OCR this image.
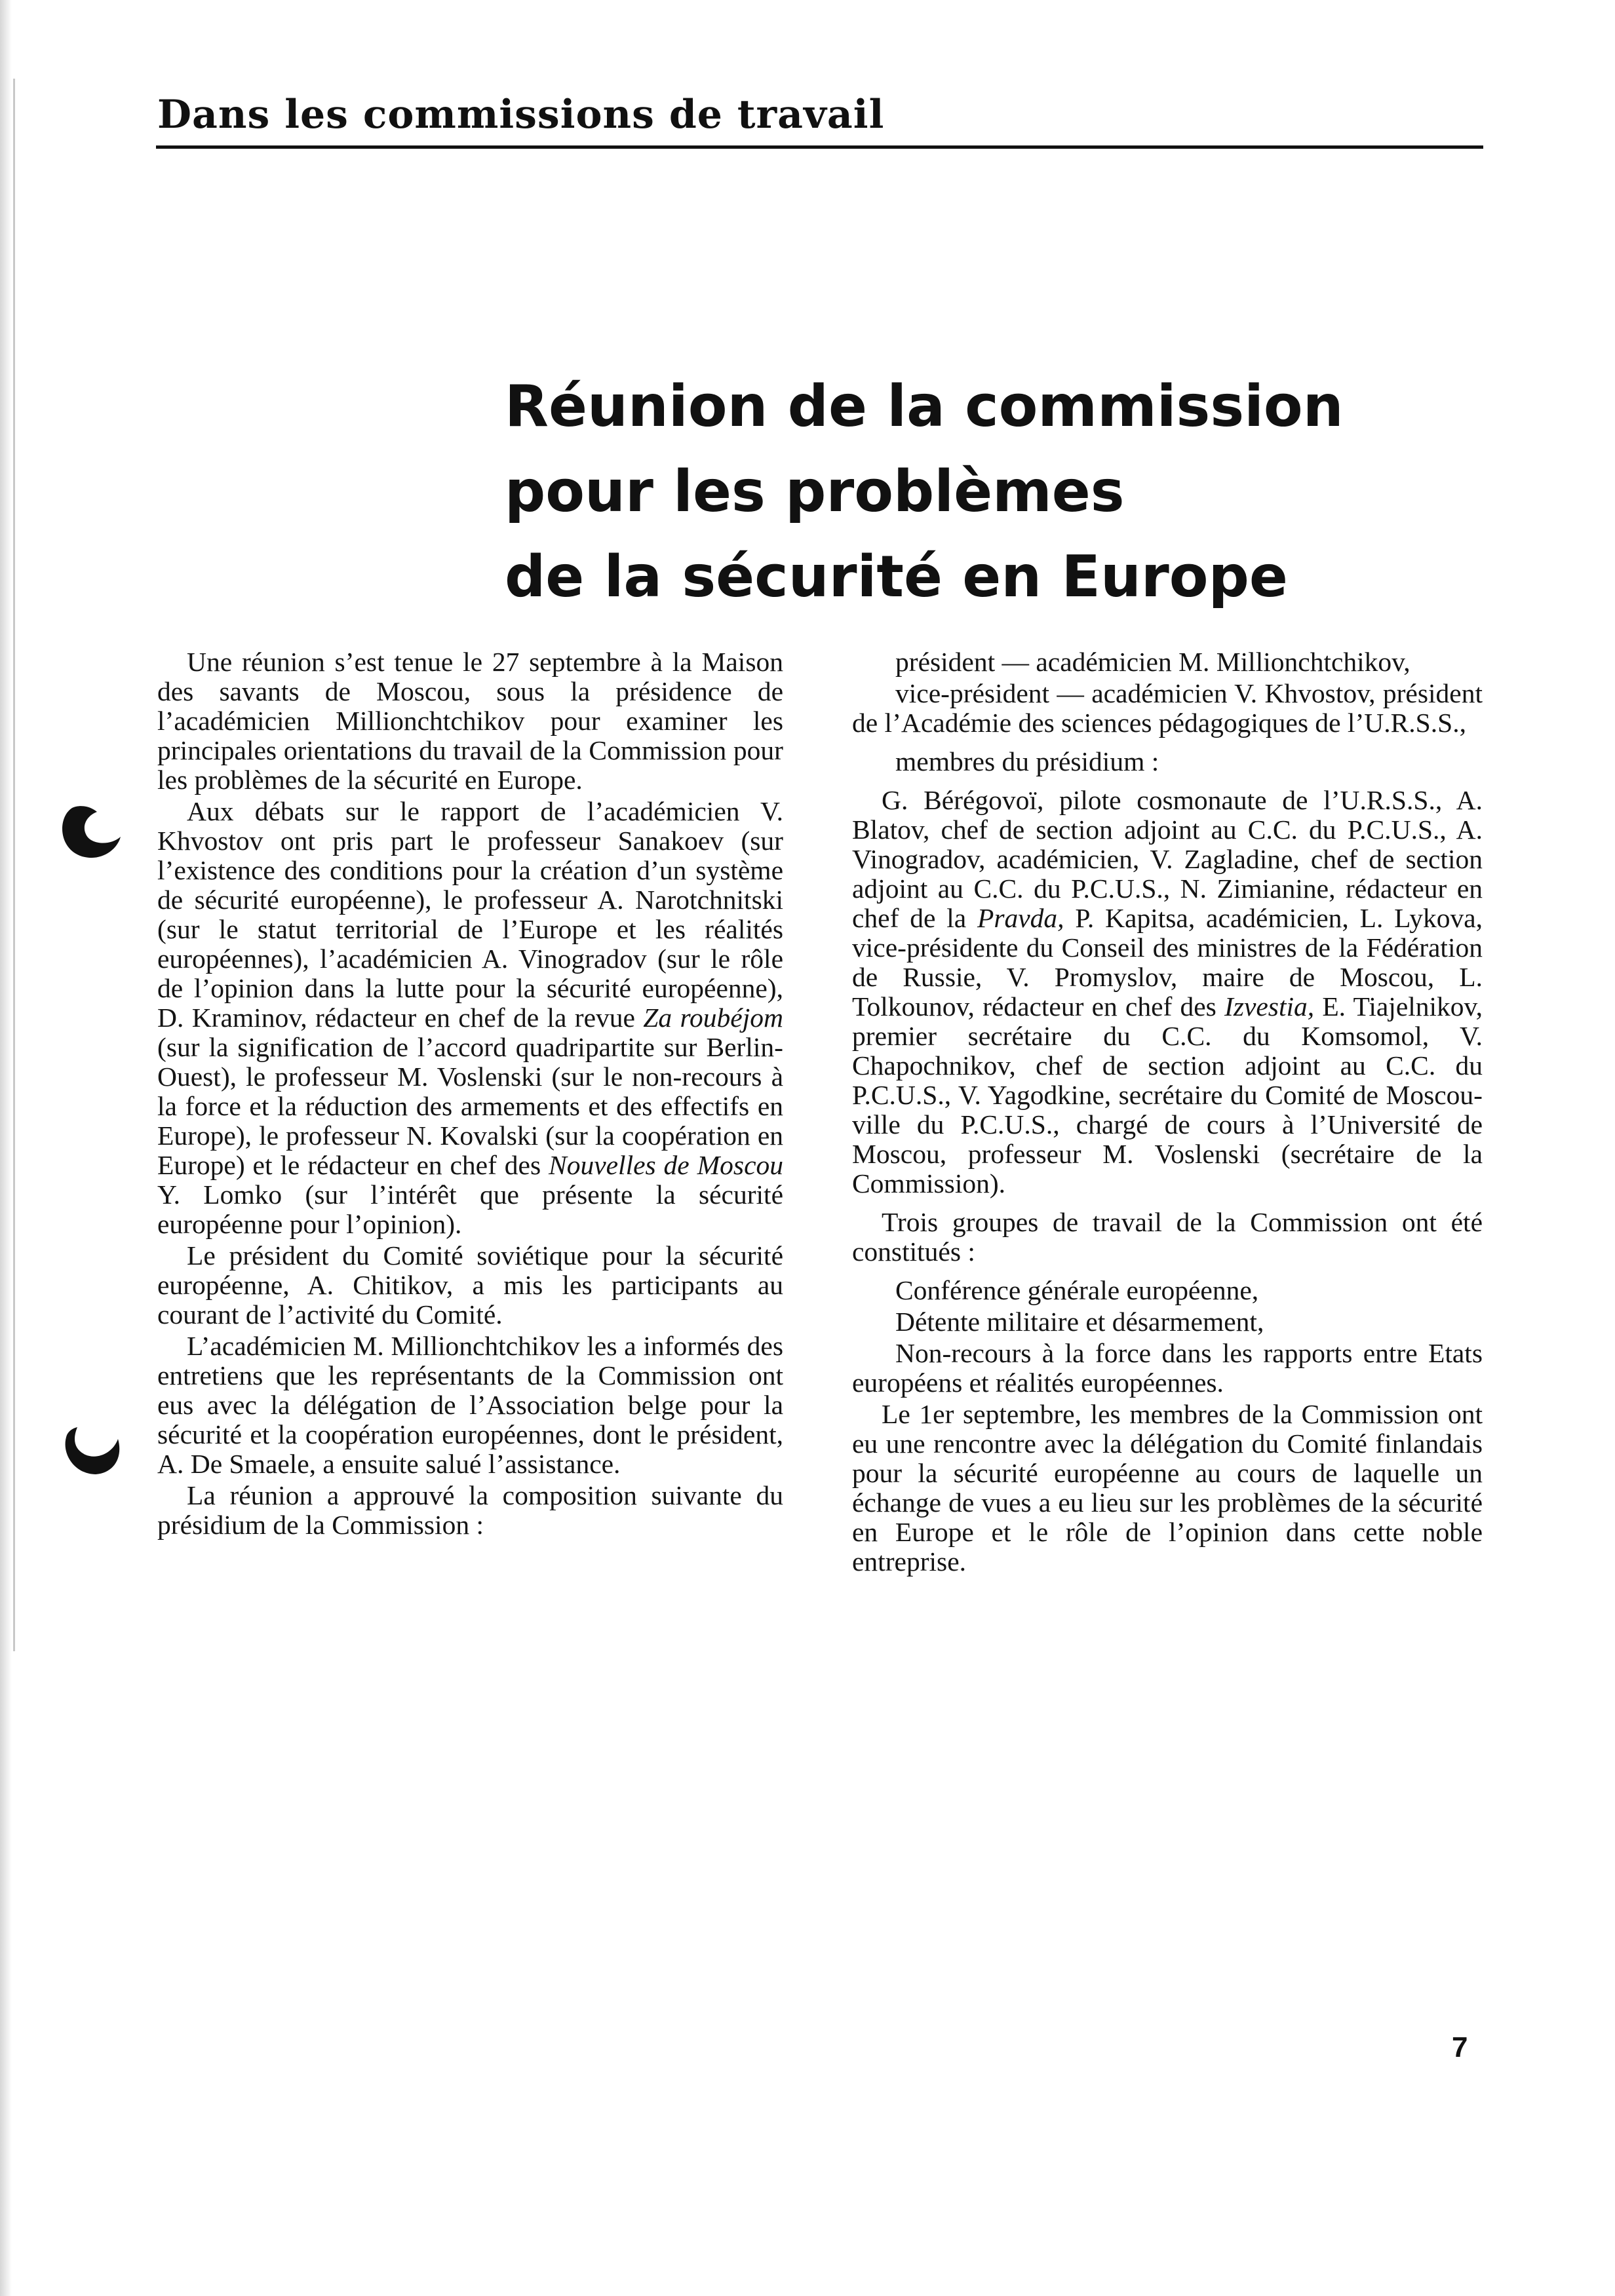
Dans les commissions de travail
Réunion de la commission
pour les problèmes
de la sécurité en Europe

Une réunion s’est tenue le 27 septembre à la Maison des savants de Moscou, sous la présidence de l’académicien Millionchtchikov pour examiner les principales orientations du travail de la Commission pour les problèmes de la sécurité en Europe.

Aux débats sur le rapport de l’académicien V. Khvostov ont pris part le professeur Sanakoev (sur l’existence des conditions pour la création d’un système de sécurité européenne), le professeur A. Narotchnitski (sur le statut territorial de l’Europe et les réalités européennes), l’académicien A. Vinogradov (sur le rôle de l’opinion dans la lutte pour la sécurité européenne), D. Kraminov, rédacteur en chef de la revue Za roubéjom (sur la signification de l’accord quadripartite sur Berlin-Ouest), le professeur M. Voslenski (sur le non-recours à la force et la réduction des armements et des effectifs en Europe), le professeur N. Kovalski (sur la coopération en Europe) et le rédacteur en chef des Nouvelles de Moscou Y. Lomko (sur l’intérêt que présente la sécurité européenne pour l’opinion).

Le président du Comité soviétique pour la sécurité européenne, A. Chitikov, a mis les participants au courant de l’activité du Comité.

L’académicien M. Millionchtchikov les a informés des entretiens que les représentants de la Commission ont eus avec la délégation de l’Association belge pour la sécurité et la coopération européennes, dont le président, A. De Smaele, a ensuite salué l’assistance.

La réunion a approuvé la composition suivante du présidium de la Commission :

président — académicien M. Millionchtchikov,

vice-président — académicien V. Khvostov, président de l’Académie des sciences pédagogiques de l’U.R.S.S.,

membres du présidium :

G. Bérégovoï, pilote cosmonaute de l’U.R.S.S., A. Blatov, chef de section adjoint au C.C. du P.C.U.S., A. Vinogradov, académicien, V. Zagladine, chef de section adjoint au C.C. du P.C.U.S., N. Zimianine, rédacteur en chef de la Pravda, P. Kapitsa, académicien, L. Lykova, vice-présidente du Conseil des ministres de la Fédération de Russie, V. Promyslov, maire de Moscou, L. Tolkounov, rédacteur en chef des Izvestia, E. Tiajelnikov, premier secrétaire du C.C. du Komsomol, V. Chapochnikov, chef de section adjoint au C.C. du P.C.U.S., V. Yagodkine, secrétaire du Comité de Moscou-ville du P.C.U.S., chargé de cours à l’Université de Moscou, professeur M. Voslenski (secrétaire de la Commission).

Trois groupes de travail de la Commission ont été constitués :

Conférence générale européenne,

Détente militaire et désarmement,

Non-recours à la force dans les rapports entre Etats européens et réalités européennes.

Le 1er septembre, les membres de la Commission ont eu une rencontre avec la délégation du Comité finlandais pour la sécurité européenne au cours de laquelle un échange de vues a eu lieu sur les problèmes de la sécurité en Europe et le rôle de l’opinion dans cette noble entreprise.

7
